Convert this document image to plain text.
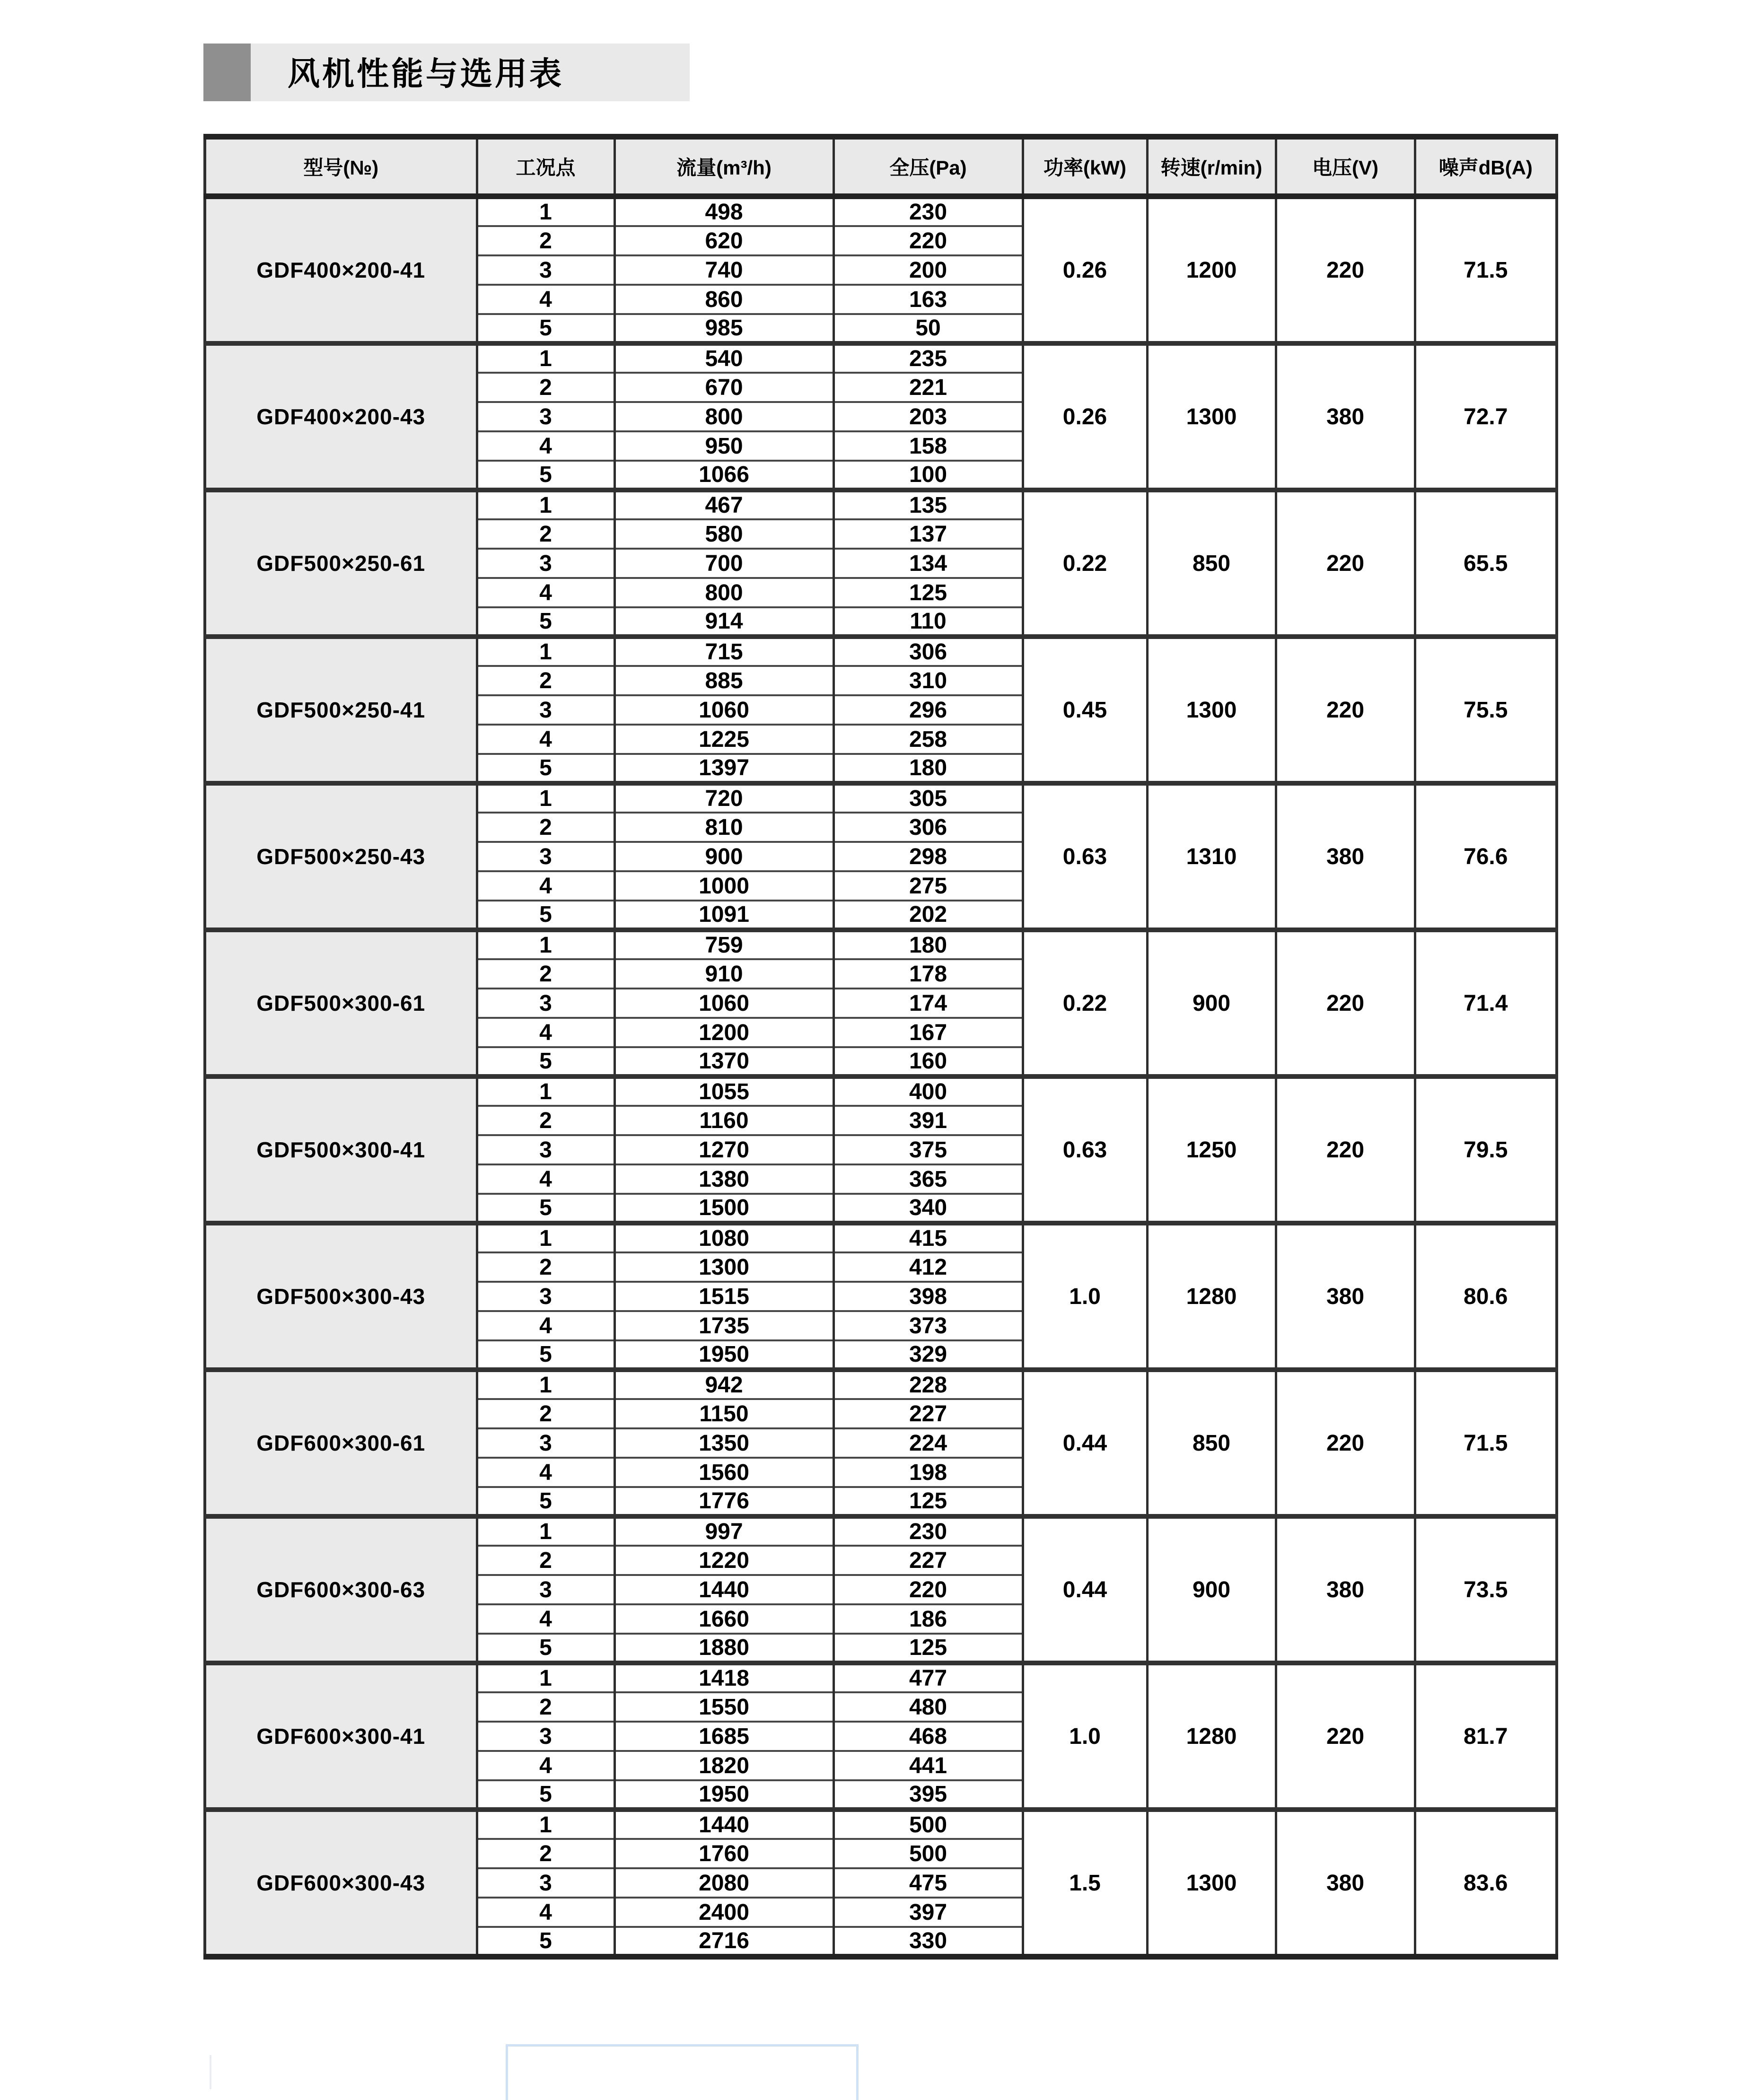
风机性能与选用表
型号(№)	工况点	流量(m³/h)	全压(Pa)	功率(kW)	转速(r/min)	电压(V)	噪声dB(A)
GDF400×200-41	1	498	230	0.26	1200	220	71.5
	2	620	220				
	3	740	200				
	4	860	163				
	5	985	50				
GDF400×200-43	1	540	235	0.26	1300	380	72.7
	2	670	221				
	3	800	203				
	4	950	158				
	5	1066	100				
GDF500×250-61	1	467	135	0.22	850	220	65.5
	2	580	137				
	3	700	134				
	4	800	125				
	5	914	110				
GDF500×250-41	1	715	306	0.45	1300	220	75.5
	2	885	310				
	3	1060	296				
	4	1225	258				
	5	1397	180				
GDF500×250-43	1	720	305	0.63	1310	380	76.6
	2	810	306				
	3	900	298				
	4	1000	275				
	5	1091	202				
GDF500×300-61	1	759	180	0.22	900	220	71.4
	2	910	178				
	3	1060	174				
	4	1200	167				
	5	1370	160				
GDF500×300-41	1	1055	400	0.63	1250	220	79.5
	2	1160	391				
	3	1270	375				
	4	1380	365				
	5	1500	340				
GDF500×300-43	1	1080	415	1.0	1280	380	80.6
	2	1300	412				
	3	1515	398				
	4	1735	373				
	5	1950	329				
GDF600×300-61	1	942	228	0.44	850	220	71.5
	2	1150	227				
	3	1350	224				
	4	1560	198				
	5	1776	125				
GDF600×300-63	1	997	230	0.44	900	380	73.5
	2	1220	227				
	3	1440	220				
	4	1660	186				
	5	1880	125				
GDF600×300-41	1	1418	477	1.0	1280	220	81.7
	2	1550	480				
	3	1685	468				
	4	1820	441				
	5	1950	395				
GDF600×300-43	1	1440	500	1.5	1300	380	83.6
	2	1760	500				
	3	2080	475				
	4	2400	397				
	5	2716	330				
